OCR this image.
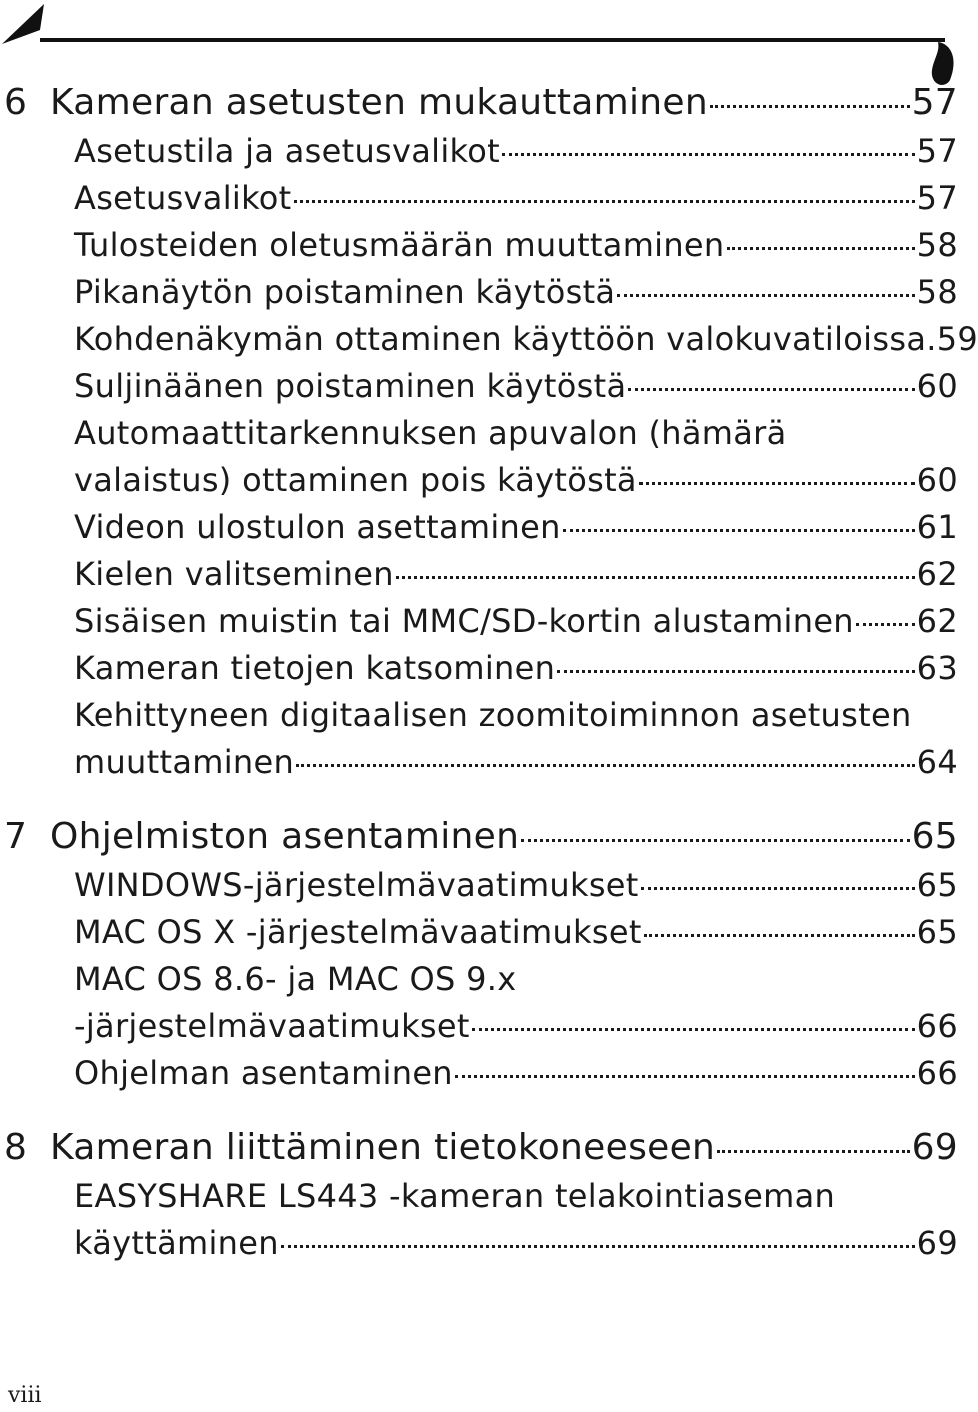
6 Kameran asetusten mukauttaminen	57
Asetustila ja asetusvalikot	57
Asetusvalikot	57
Tulosteiden oletusmäärän muuttaminen	58
Pikanäytön poistaminen käytöstä	58
Kohdenäkymän ottaminen käyttöön valokuvatiloissa. 59
Suljinäänen poistaminen käytöstä	60
Automaattitarkennuksen apuvalon (hämärä
valaistus) ottaminen pois käytöstä	60
Videon ulostulon asettaminen	61
Kielen valitseminen	62
Sisäisen muistin tai MMC/SD-kortin alustaminen 62
Kameran tietojen katsominen	63
Kehittyneen digitaalisen zoomitoiminnon asetusten
muuttaminen	64
7 Ohjelmiston asentaminen	65
WINDOWS-järjestelmävaatimukset	65
MAC OS X -järjestelmävaatimukset	65
MAC OS 8.6- ja MAC OS 9.x
-järjestelmävaatimukset	66
Ohjelman asentaminen	66
8 Kameran liittäminen tietokoneeseen	69
EASYSHARE LS443 -kameran telakointiaseman
käyttäminen	69
viii
